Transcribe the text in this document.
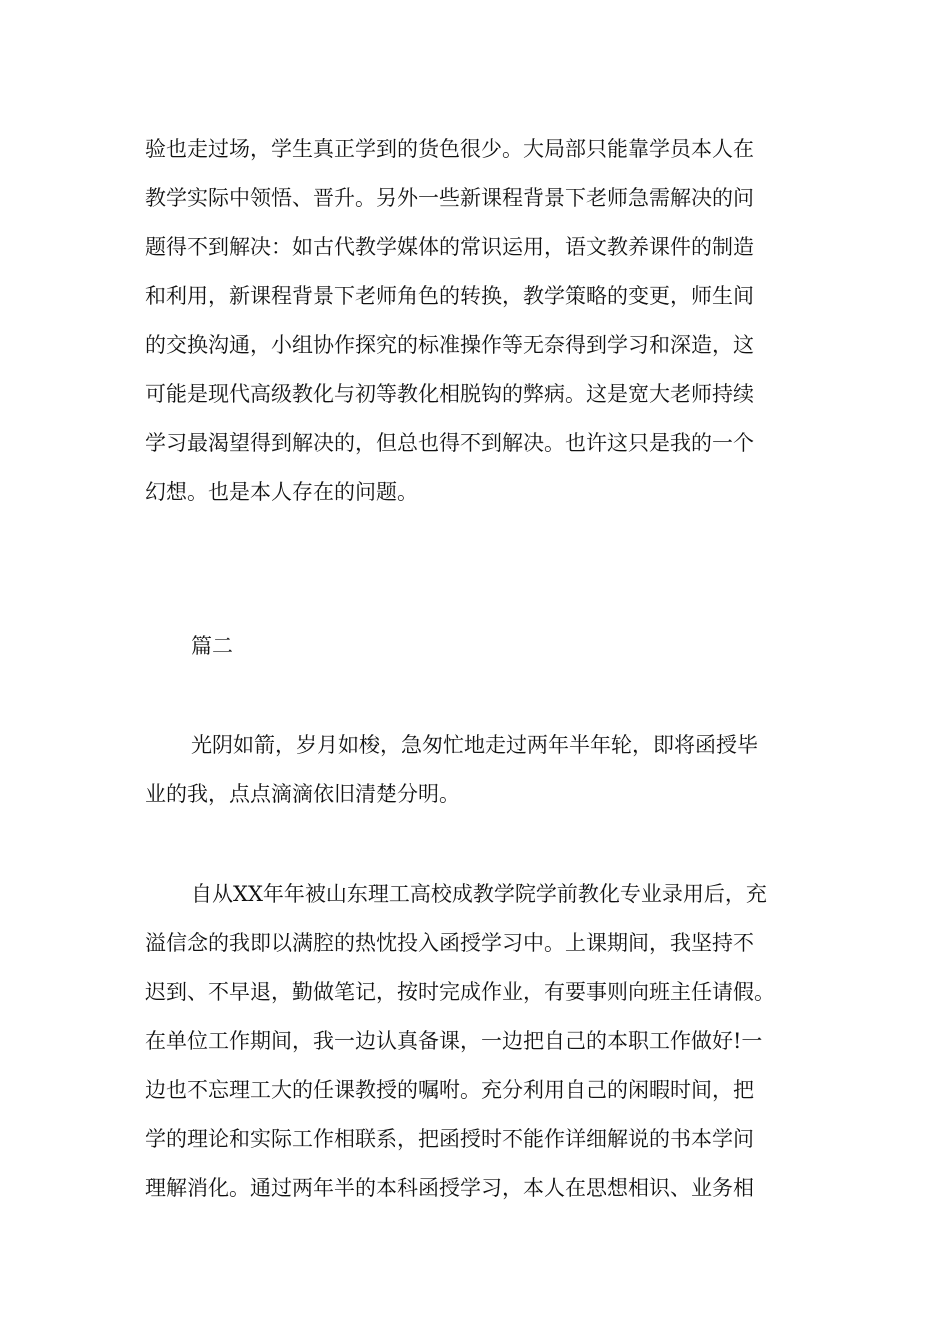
验也走过场，学生真正学到的货色很少。大局部只能靠学员本人在
教学实际中领悟、晋升。另外一些新课程背景下老师急需解决的问
题得不到解决：如古代教学媒体的常识运用，语文教养课件的制造
和利用，新课程背景下老师角色的转换，教学策略的变更，师生间
的交换沟通，小组协作探究的标准操作等无奈得到学习和深造，这
可能是现代高级教化与初等教化相脱钩的弊病。这是宽大老师持续
学习最渴望得到解决的，但总也得不到解决。也许这只是我的一个
幻想。也是本人存在的问题。
篇二
光阴如箭，岁月如梭，急匆忙地走过两年半年轮，即将函授毕
业的我，点点滴滴依旧清楚分明。
自从XX年年被山东理工高校成教学院学前教化专业录用后，充
溢信念的我即以满腔的热忱投入函授学习中。上课期间，我坚持不
迟到、不早退，勤做笔记，按时完成作业，有要事则向班主任请假。
在单位工作期间，我一边认真备课，一边把自己的本职工作做好!一
边也不忘理工大的任课教授的嘱咐。充分利用自己的闲暇时间，把
学的理论和实际工作相联系，把函授时不能作详细解说的书本学问
理解消化。通过两年半的本科函授学习，本人在思想相识、业务相
